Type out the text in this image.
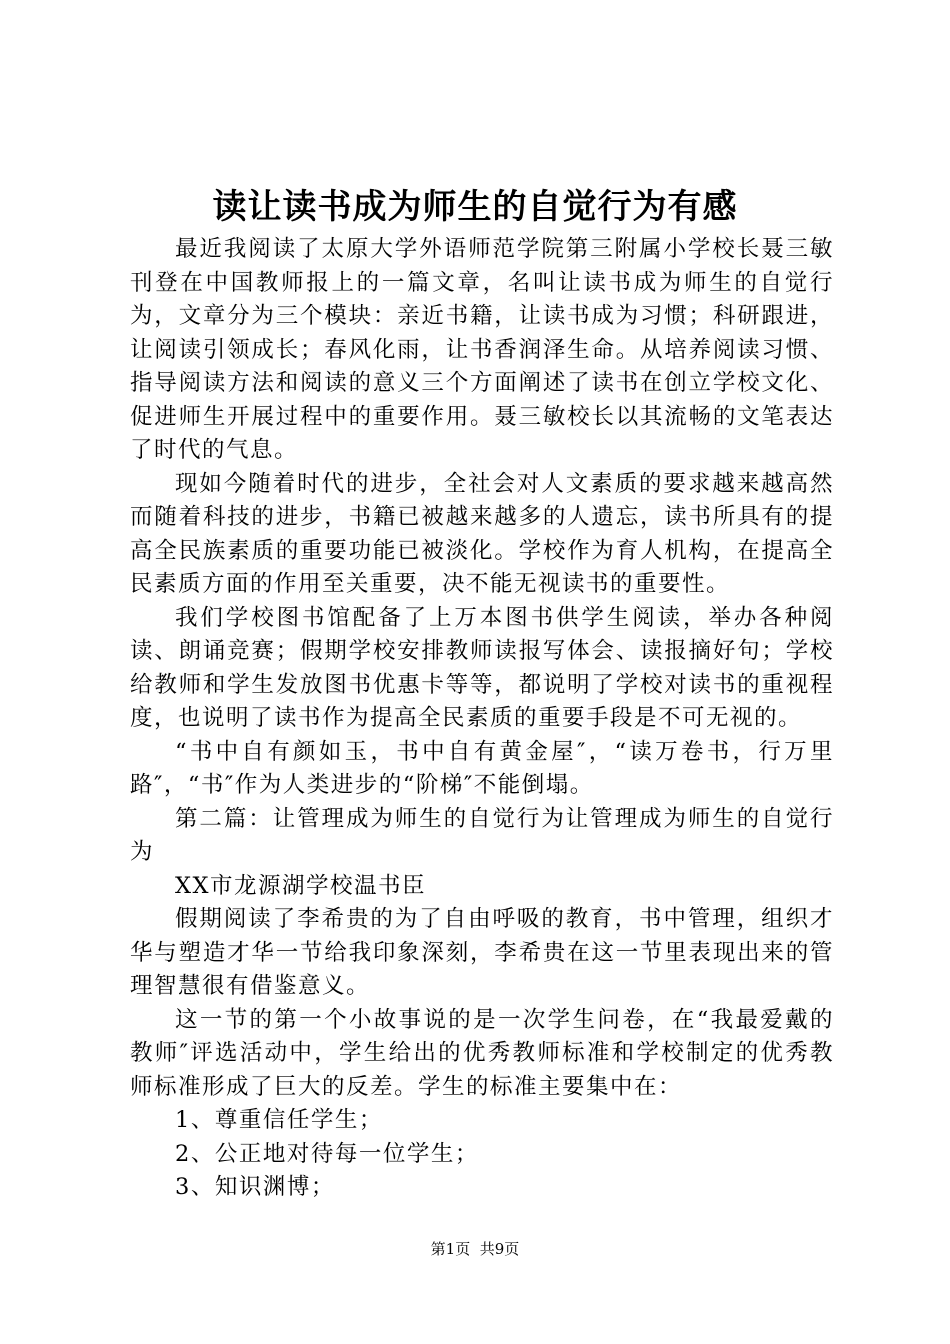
读让读书成为师生的自觉行为有感

最近我阅读了太原大学外语师范学院第三附属小学校长聂三敏刊登在中国教师报上的一篇文章，名叫让读书成为师生的自觉行为，文章分为三个模块：亲近书籍，让读书成为习惯；科研跟进，让阅读引领成长；春风化雨，让书香润泽生命。从培养阅读习惯、指导阅读方法和阅读的意义三个方面阐述了读书在创立学校文化、促进师生开展过程中的重要作用。聂三敏校长以其流畅的文笔表达了时代的气息。

现如今随着时代的进步，全社会对人文素质的要求越来越高然而随着科技的进步，书籍已被越来越多的人遗忘，读书所具有的提高全民族素质的重要功能已被淡化。学校作为育人机构，在提高全民素质方面的作用至关重要，决不能无视读书的重要性。

我们学校图书馆配备了上万本图书供学生阅读，举办各种阅读、朗诵竞赛；假期学校安排教师读报写体会、读报摘好句；学校给教师和学生发放图书优惠卡等等，都说明了学校对读书的重视程度，也说明了读书作为提高全民素质的重要手段是不可无视的。

“书中自有颜如玉，书中自有黄金屋″，“读万卷书，行万里路″，“书″作为人类进步的“阶梯″不能倒塌。

第二篇：让管理成为师生的自觉行为让管理成为师生的自觉行为

XX市龙源湖学校温书臣

假期阅读了李希贵的为了自由呼吸的教育，书中管理，组织才华与塑造才华一节给我印象深刻，李希贵在这一节里表现出来的管理智慧很有借鉴意义。

这一节的第一个小故事说的是一次学生问卷，在“我最爱戴的教师″评选活动中，学生给出的优秀教师标准和学校制定的优秀教师标准形成了巨大的反差。学生的标准主要集中在：

1、尊重信任学生；

2、公正地对待每一位学生；

3、知识渊博；

第1页 共9页
